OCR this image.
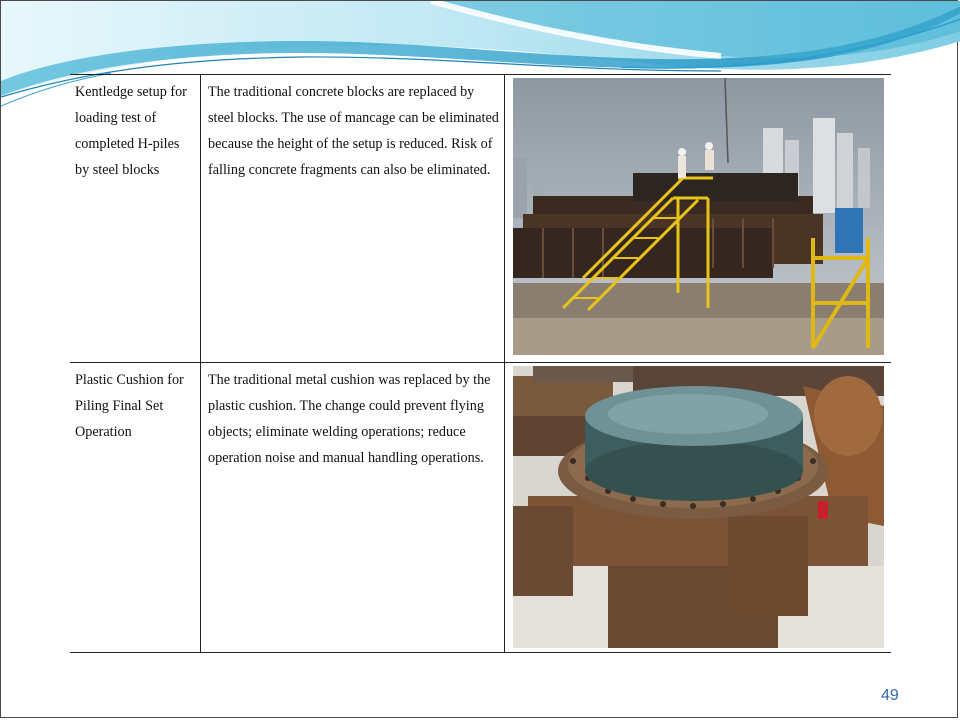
Kentledge setup for loading test of completed H-piles by steel blocks	The traditional concrete blocks are replaced by steel blocks. The use of mancage can be eliminated because the height of the setup is reduced. Risk of falling concrete fragments can also be eliminated.	

Plastic Cushion for Piling Final Set Operation	The traditional metal cushion was replaced by the plastic cushion. The change could prevent flying objects; eliminate welding operations; reduce operation noise and manual handling operations.	
49
